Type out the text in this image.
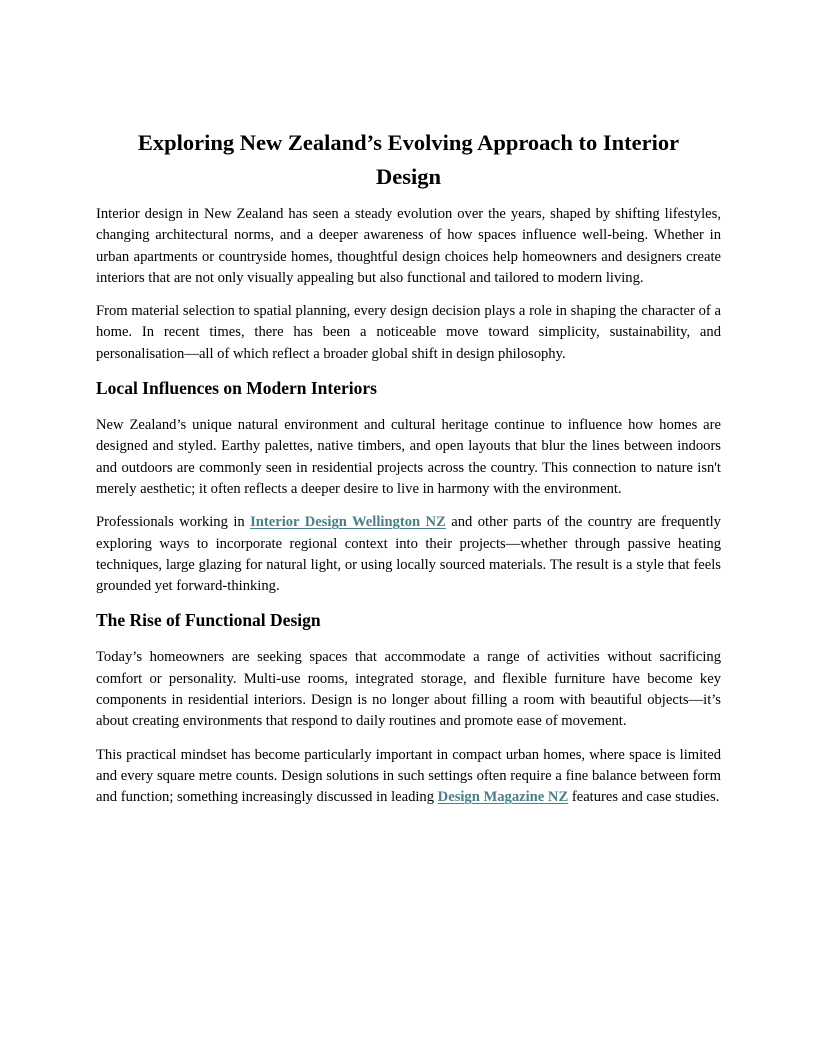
Exploring New Zealand’s Evolving Approach to Interior Design

Interior design in New Zealand has seen a steady evolution over the years, shaped by shifting lifestyles, changing architectural norms, and a deeper awareness of how spaces influence well-being. Whether in urban apartments or countryside homes, thoughtful design choices help homeowners and designers create interiors that are not only visually appealing but also functional and tailored to modern living.

From material selection to spatial planning, every design decision plays a role in shaping the character of a home. In recent times, there has been a noticeable move toward simplicity, sustainability, and personalisation—all of which reflect a broader global shift in design philosophy.

Local Influences on Modern Interiors

New Zealand’s unique natural environment and cultural heritage continue to influence how homes are designed and styled. Earthy palettes, native timbers, and open layouts that blur the lines between indoors and outdoors are commonly seen in residential projects across the country. This connection to nature isn't merely aesthetic; it often reflects a deeper desire to live in harmony with the environment.

Professionals working in Interior Design Wellington NZ and other parts of the country are frequently exploring ways to incorporate regional context into their projects—whether through passive heating techniques, large glazing for natural light, or using locally sourced materials. The result is a style that feels grounded yet forward-thinking.

The Rise of Functional Design

Today’s homeowners are seeking spaces that accommodate a range of activities without sacrificing comfort or personality. Multi-use rooms, integrated storage, and flexible furniture have become key components in residential interiors. Design is no longer about filling a room with beautiful objects—it’s about creating environments that respond to daily routines and promote ease of movement.

This practical mindset has become particularly important in compact urban homes, where space is limited and every square metre counts. Design solutions in such settings often require a fine balance between form and function; something increasingly discussed in leading Design Magazine NZ features and case studies.
